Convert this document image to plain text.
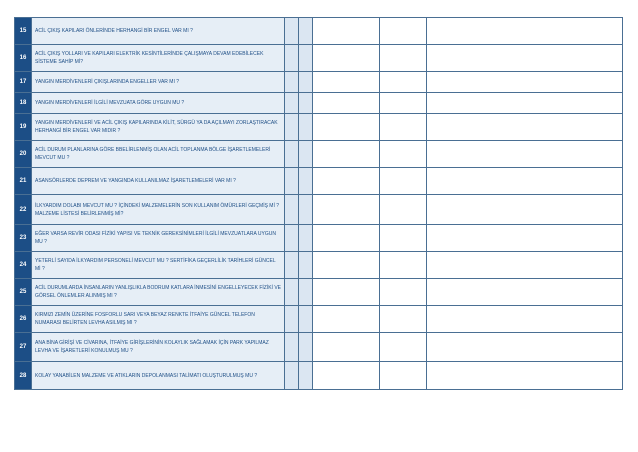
15	ACİL ÇIKIŞ KAPILARI ÖNLERİNDE HERHANGİ BİR ENGEL VAR MI ?					
16	ACİL ÇIKIŞ YOLLARI VE KAPILARI ELEKTRİK KESİNTİLERİNDE ÇALIŞMAYA DEVAM EDEBİLECEK SİSTEME SAHİP Mİ?					
17	YANGIN MERDİVENLERİ ÇIKIŞLARINDA ENGELLER VAR MI ?					
18	YANGIN MERDİVENLERİ İLGİLİ MEVZUATA GÖRE UYGUN MU ?					
19	YANGIN MERDİVENLERİ VE ACİL ÇIKIŞ KAPILARINDA KİLİT, SÜRGÜ YA DA AÇILMAYI ZORLAŞTIRACAK HERHANGİ BİR ENGEL VAR MIDIR ?					
20	ACİL DURUM PLANLARINA GÖRE BBELİRLENMİŞ OLAN ACİL TOPLANMA BÖLGE İŞARETLEMELERİ MEVCUT MU ?					
21	ASANSÖRLERDE DEPREM VE YANGINDA KULLANILMAZ İŞARETLEMELERİ VAR MI ?					
22	İLKYARDIM DOLABI MEVCUT MU ? İÇİNDEKİ MALZEMELERİN SON KULLANIM ÖMÜRLERİ GEÇMİŞ Mİ ? MALZEME LİSTESİ BELİRLENMİŞ Mİ?					
23	EĞER VARSA REVİR ODASI FİZİKİ YAPISI VE TEKNİK GEREKSİNİMLERİ İLGİLİ MEVZUATLARA UYGUN MU ?					
24	YETERLİ SAYIDA İLKYARDIM PERSONELİ MEVCUT MU ? SERTİFİKA GEÇERLİLİK TARİHLERİ GÜNCEL Mİ ?					
25	ACİL DURUMLARDA İNSANLARIN YANLIŞLIKLA BODRUM KATLARA İNMESİNİ ENGELLEYECEK FİZİKİ VE GÖRSEL ÖNLEMLER ALINMIŞ MI ?					
26	KIRMIZI ZEMİN ÜZERİNE FOSFORLU SARI VEYA BEYAZ RENKTE İTFAİYE GÜNCEL TELEFON NUMARASI BELİRTEN LEVHA ASILMIŞ MI ?					
27	ANA BİNA GİRİŞİ VE CİVARINA, İTFAİYE GİRİŞLERİNİN KOLAYLIK SAĞLAMAK İÇİN PARK YAPILMAZ LEVHA VE İŞARETLERİ KONULMUŞ MU ?					
28	KOLAY YANABİLEN MALZEME VE ATIKLARIN DEPOLANMASI TALİMATI OLUŞTURULMUŞ MU ?					
